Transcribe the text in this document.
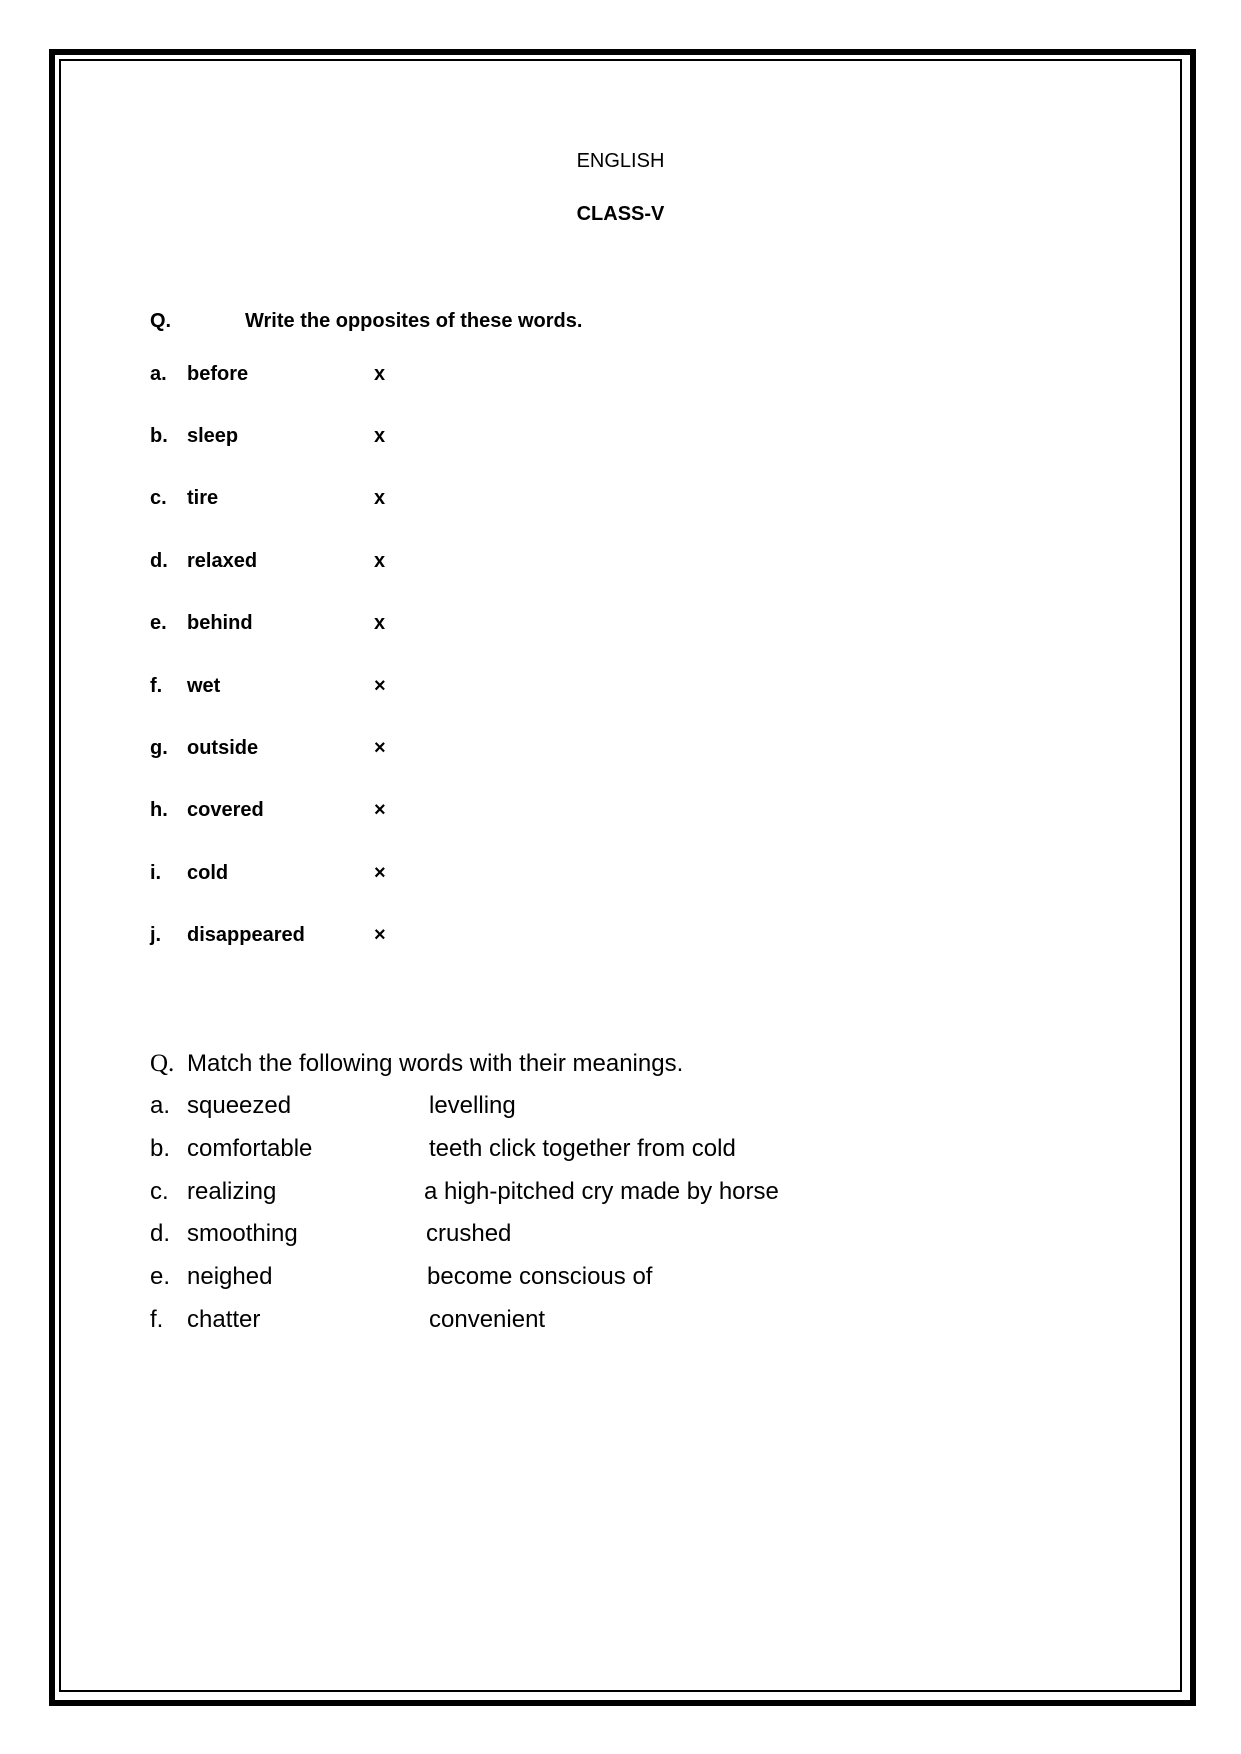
ENGLISH
CLASS-V
Q.	Write the opposites of these words.
a. before	x
b. sleep	x
c. tire	x
d. relaxed	x
e. behind	x
f. wet	×
g. outside	×
h. covered	×
i. cold	×
j. disappeared	×
Q. Match the following words with their meanings.
a. squeezed	levelling
b. comfortable	teeth click together from cold
c. realizing	a high-pitched cry made by horse
d. smoothing	crushed
e. neighed	become conscious of
f. chatter	convenient
